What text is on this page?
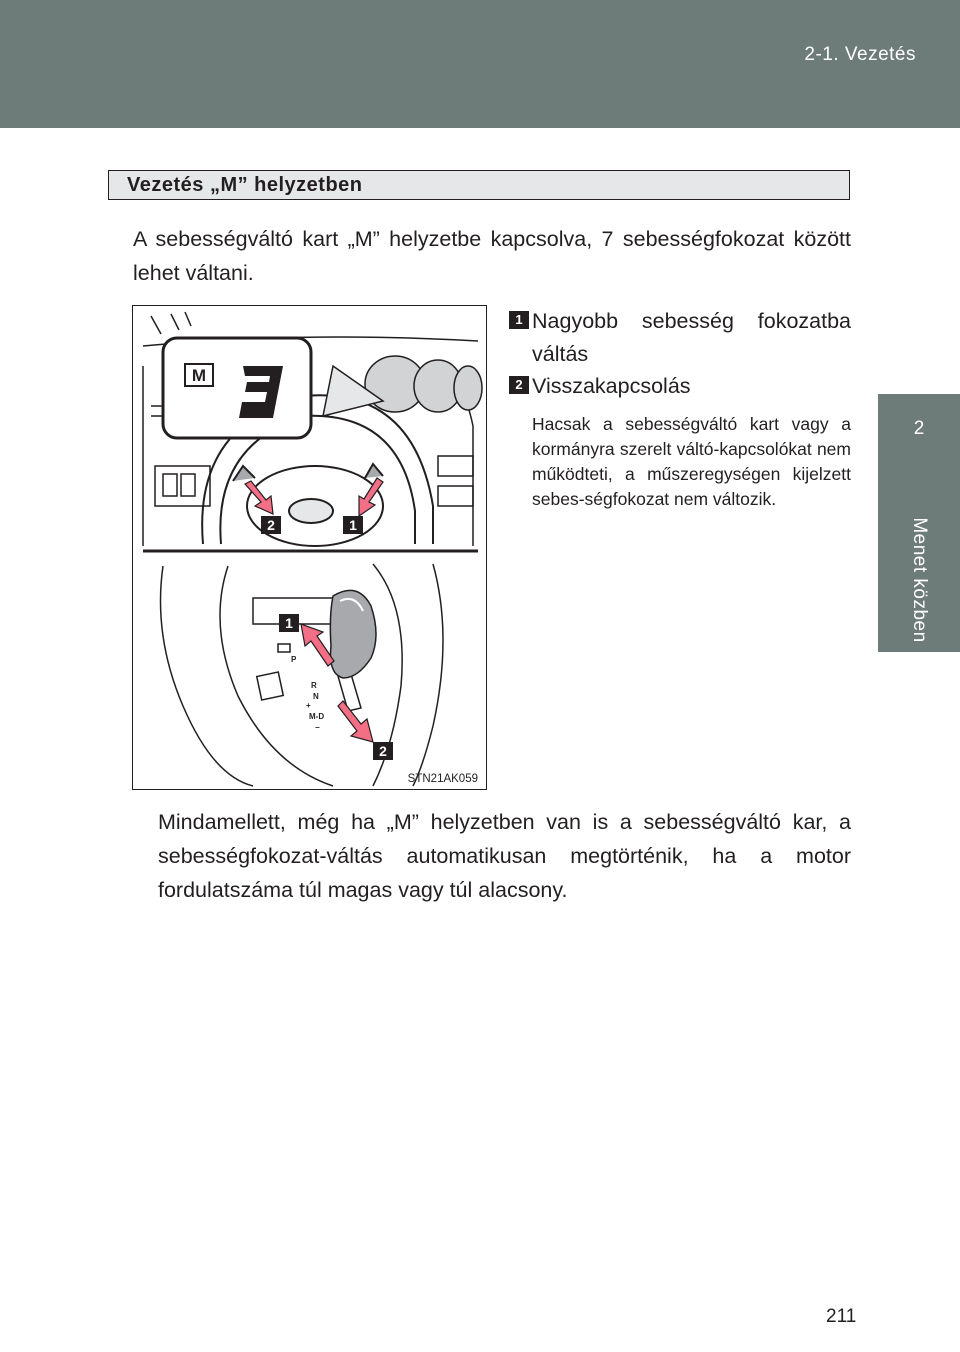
2-1. Vezetés
2
Menet közben
Vezetés „M” helyzetben
A sebességváltó kart „M” helyzetbe kapcsolva, 7 sebességfokozat között lehet váltani.
M
P
R
N
+
M-D
−
2	1
1
2
STN21AK059
1 Nagyobb sebesség fokozatba váltás
2 Visszakapcsolás
Hacsak a sebességváltó kart vagy a kormányra szerelt váltó-kapcsolókat nem működteti, a műszeregységen kijelzett sebes-ségfokozat nem változik.
Mindamellett, még ha „M” helyzetben van is a sebességváltó kar, a sebességfokozat-váltás automatikusan megtörténik, ha a motor fordulatszáma túl magas vagy túl alacsony.
211
